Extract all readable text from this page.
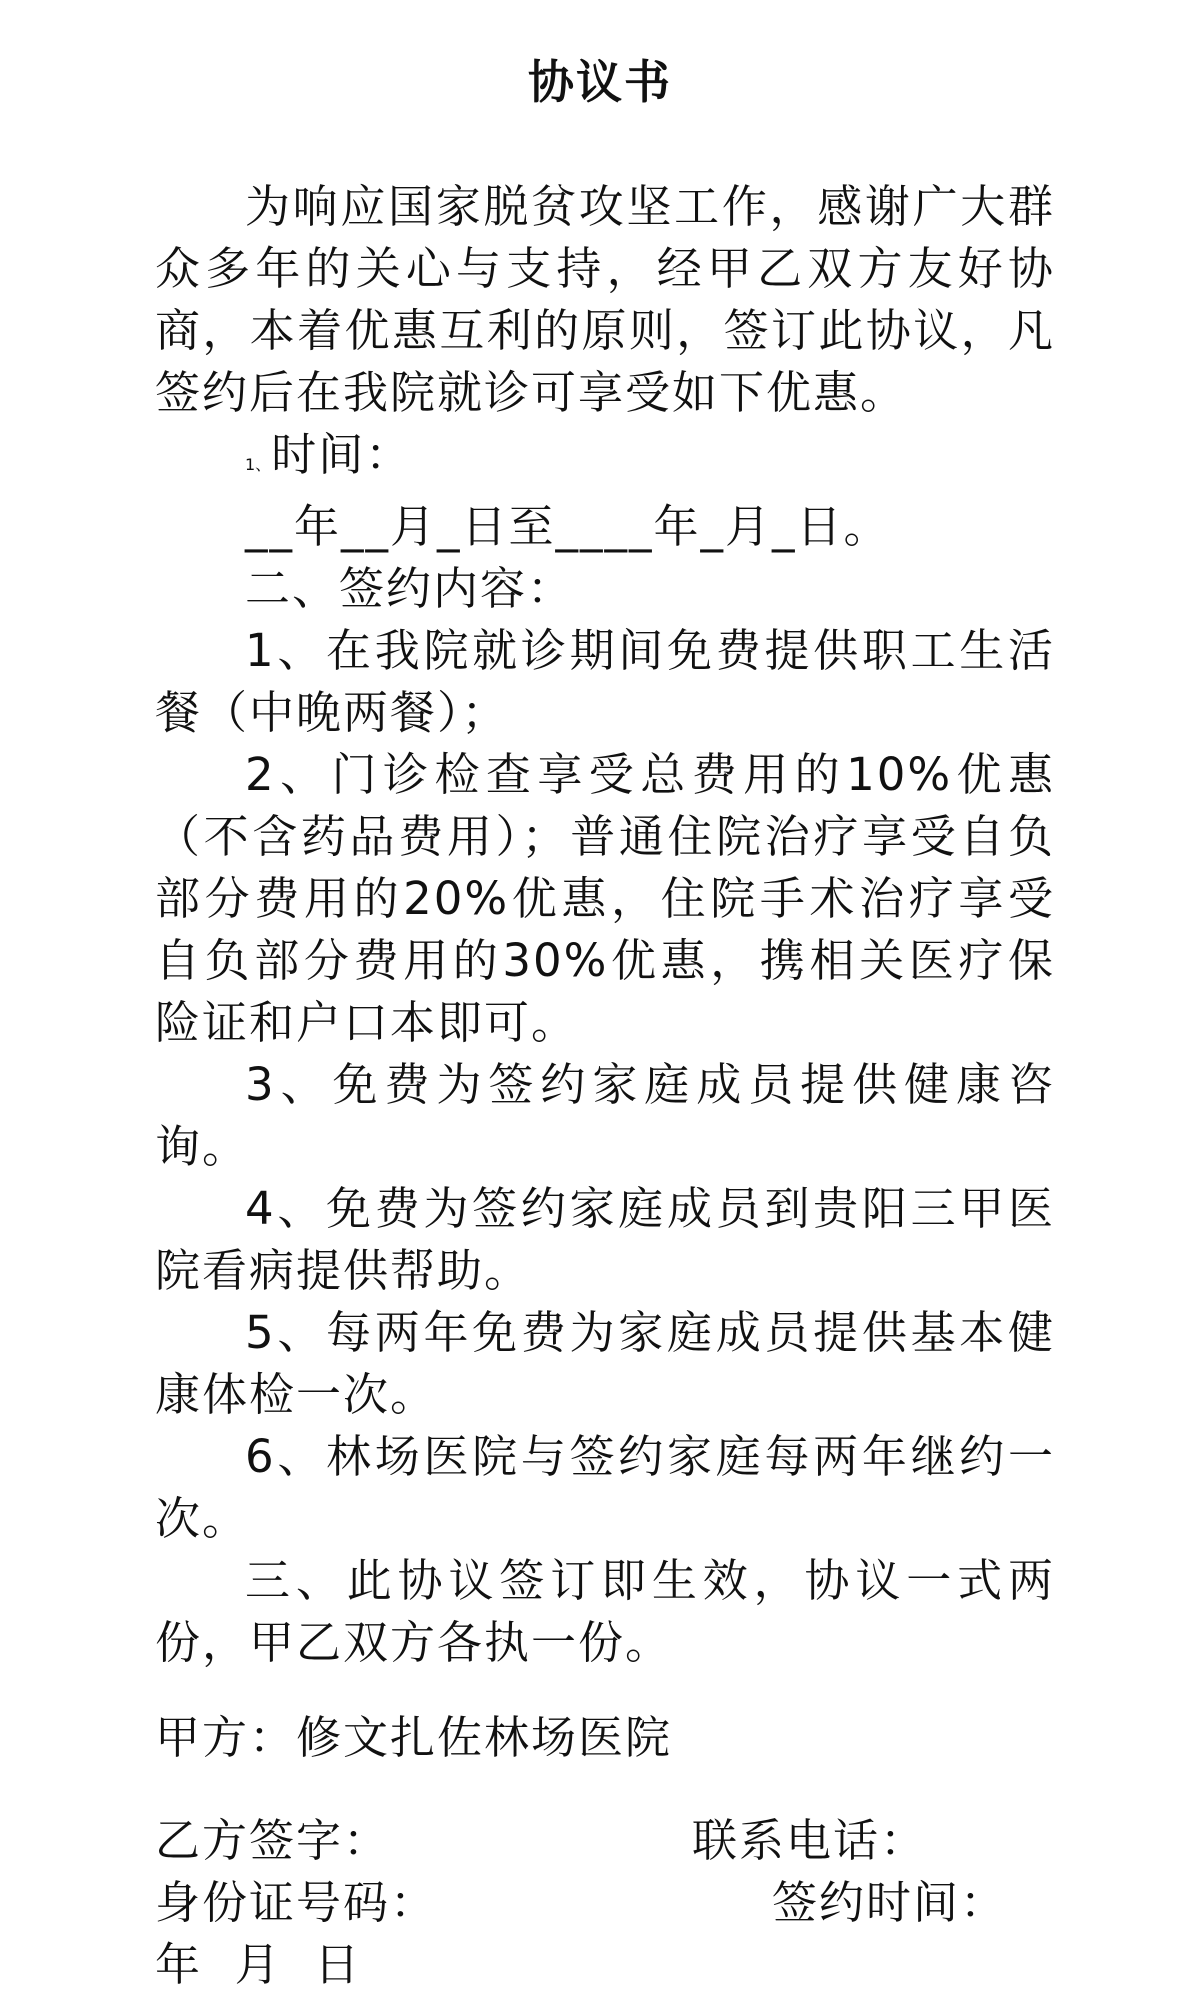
协议书

为响应国家脱贫攻坚工作，感谢广大群众多年的关心与支持，经甲乙双方友好协商，本着优惠互利的原则，签订此协议，凡签约后在我院就诊可享受如下优惠。

1、时间：

__年__月_日至____年_月_日。

二、签约内容：

1、在我院就诊期间免费提供职工生活餐（中晚两餐）；

2、门诊检查享受总费用的10%优惠（不含药品费用）；普通住院治疗享受自负部分费用的20%优惠，住院手术治疗享受自负部分费用的30%优惠，携相关医疗保险证和户口本即可。

3、免费为签约家庭成员提供健康咨询。

4、免费为签约家庭成员到贵阳三甲医院看病提供帮助。

5、每两年免费为家庭成员提供基本健康体检一次。

6、林场医院与签约家庭每两年继约一次。

三、此协议签订即生效，协议一式两份，甲乙双方各执一份。

甲方：修文扎佐林场医院
乙方签字：	联系电话：
身份证号码：	签约时间：
年  月  日
